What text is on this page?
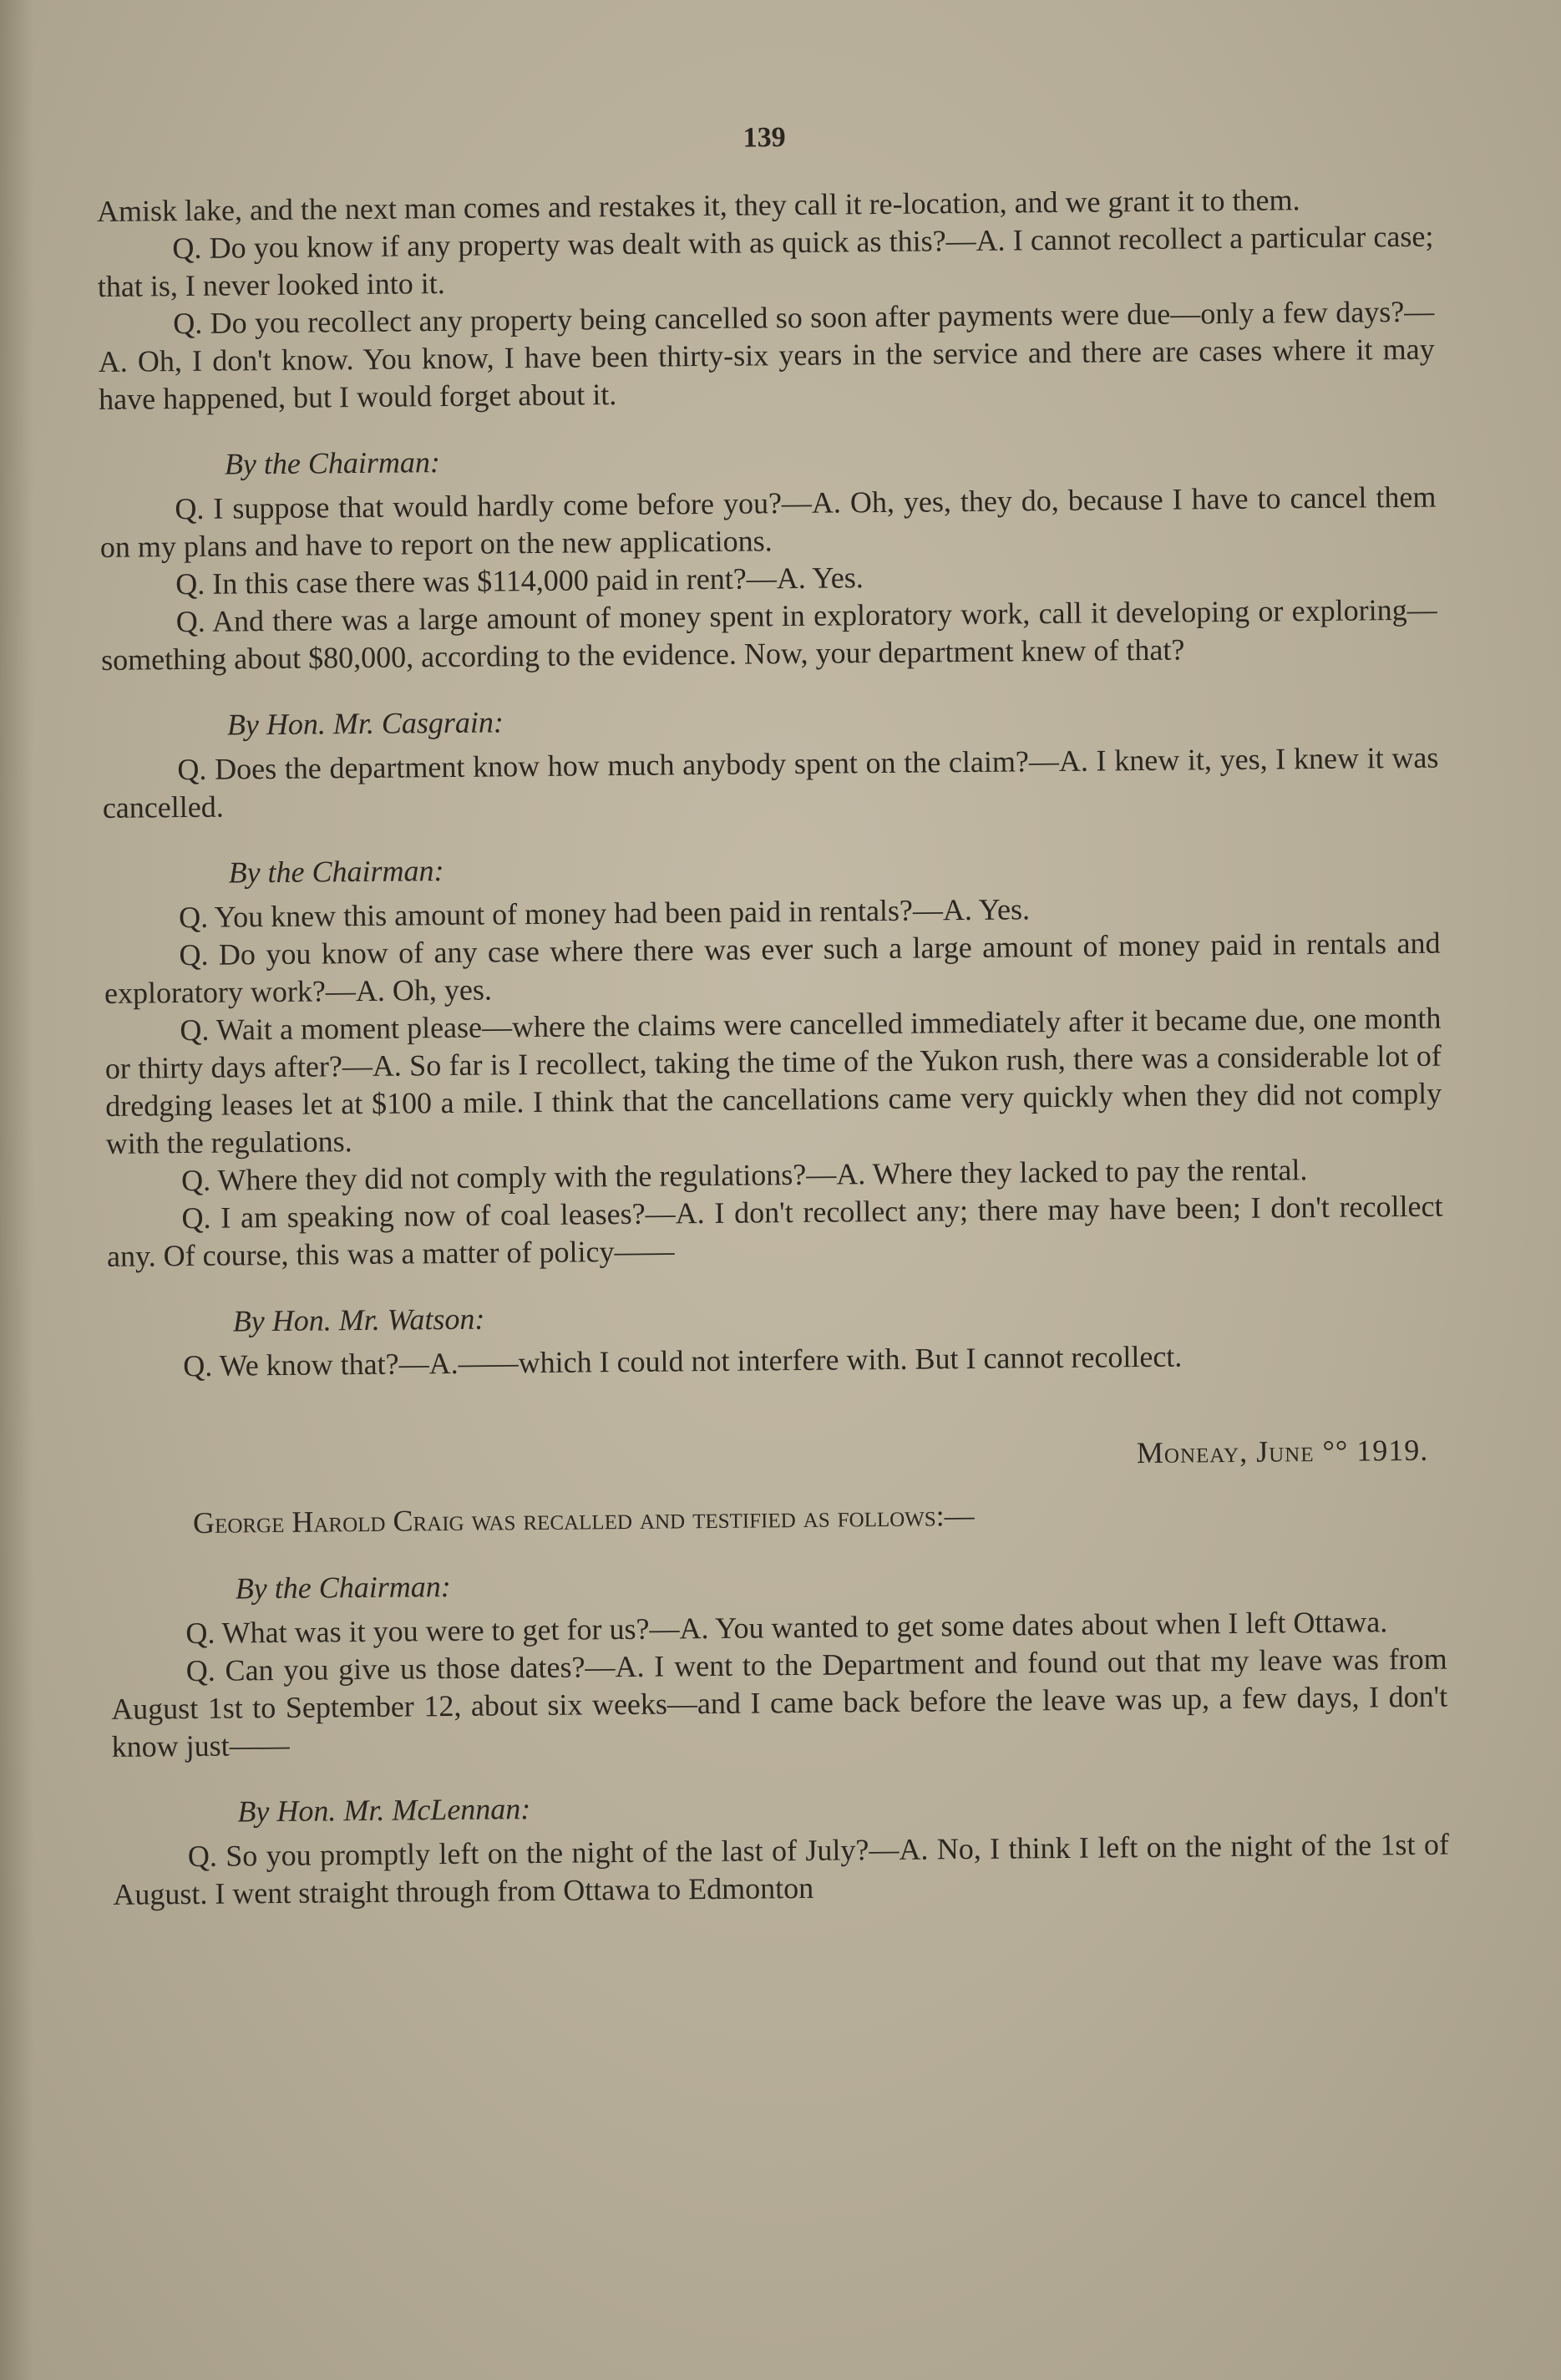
139

Amisk lake, and the next man comes and restakes it, they call it re-location, and we grant it to them.

Q. Do you know if any property was dealt with as quick as this?—A. I cannot recollect a particular case; that is, I never looked into it.

Q. Do you recollect any property being cancelled so soon after payments were due—only a few days?—A. Oh, I don't know. You know, I have been thirty-six years in the service and there are cases where it may have happened, but I would forget about it.

By the Chairman:

Q. I suppose that would hardly come before you?—A. Oh, yes, they do, because I have to cancel them on my plans and have to report on the new applications.

Q. In this case there was $114,000 paid in rent?—A. Yes.

Q. And there was a large amount of money spent in exploratory work, call it developing or exploring—something about $80,000, according to the evidence. Now, your department knew of that?

By Hon. Mr. Casgrain:

Q. Does the department know how much anybody spent on the claim?—A. I knew it, yes, I knew it was cancelled.

By the Chairman:

Q. You knew this amount of money had been paid in rentals?—A. Yes.

Q. Do you know of any case where there was ever such a large amount of money paid in rentals and exploratory work?—A. Oh, yes.

Q. Wait a moment please—where the claims were cancelled immediately after it became due, one month or thirty days after?—A. So far is I recollect, taking the time of the Yukon rush, there was a considerable lot of dredging leases let at $100 a mile. I think that the cancellations came very quickly when they did not comply with the regulations.

Q. Where they did not comply with the regulations?—A. Where they lacked to pay the rental.

Q. I am speaking now of coal leases?—A. I don't recollect any; there may have been; I don't recollect any. Of course, this was a matter of policy——

By Hon. Mr. Watson:

Q. We know that?—A.——which I could not interfere with. But I cannot recollect.

Moneay, June °° 1919.

George Harold Craig was recalled and testified as follows:—

By the Chairman:

Q. What was it you were to get for us?—A. You wanted to get some dates about when I left Ottawa.

Q. Can you give us those dates?—A. I went to the Department and found out that my leave was from August 1st to September 12, about six weeks—and I came back before the leave was up, a few days, I don't know just——

By Hon. Mr. McLennan:

Q. So you promptly left on the night of the last of July?—A. No, I think I left on the night of the 1st of August. I went straight through from Ottawa to Edmonton
